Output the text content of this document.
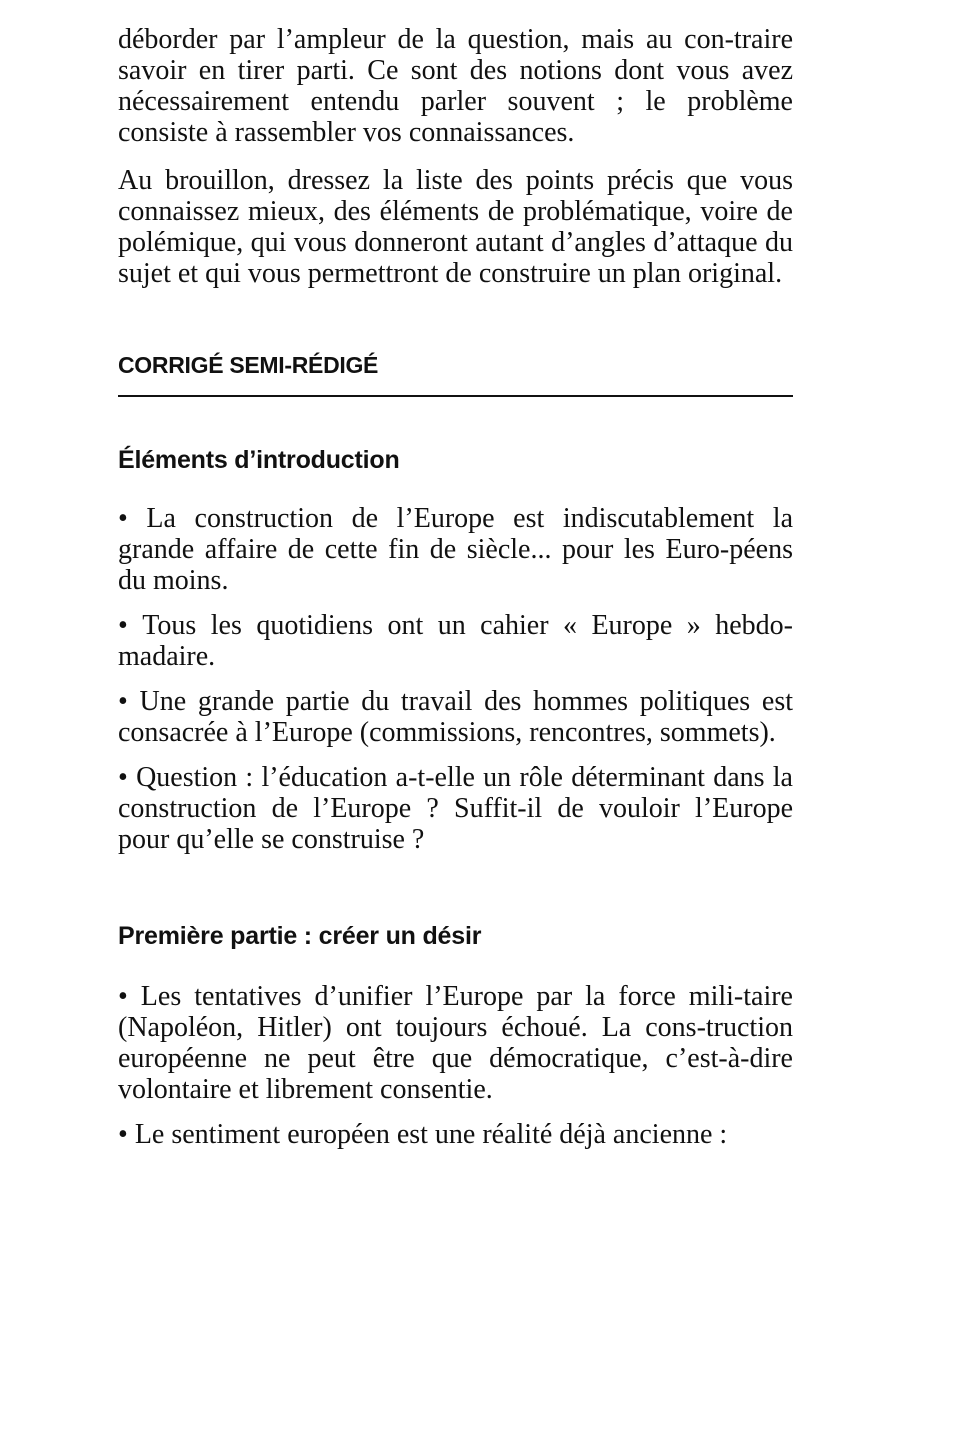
déborder par l’ampleur de la question, mais au con-traire savoir en tirer parti. Ce sont des notions dont vous avez nécessairement entendu parler souvent ; le problème consiste à rassembler vos connaissances.

Au brouillon, dressez la liste des points précis que vous connaissez mieux, des éléments de problématique, voire de polémique, qui vous donneront autant d’angles d’attaque du sujet et qui vous permettront de construire un plan original.

CORRIGÉ SEMI-RÉDIGÉ
Éléments d’introduction

• La construction de l’Europe est indiscutablement la grande affaire de cette fin de siècle... pour les Euro-péens du moins.

• Tous les quotidiens ont un cahier « Europe » hebdo-madaire.

• Une grande partie du travail des hommes politiques est consacrée à l’Europe (commissions, rencontres, sommets).

• Question : l’éducation a-t-elle un rôle déterminant dans la construction de l’Europe ? Suffit-il de vouloir l’Europe pour qu’elle se construise ?

Première partie : créer un désir

• Les tentatives d’unifier l’Europe par la force mili-taire (Napoléon, Hitler) ont toujours échoué. La cons-truction européenne ne peut être que démocratique, c’est-à-dire volontaire et librement consentie.

• Le sentiment européen est une réalité déjà ancienne :
